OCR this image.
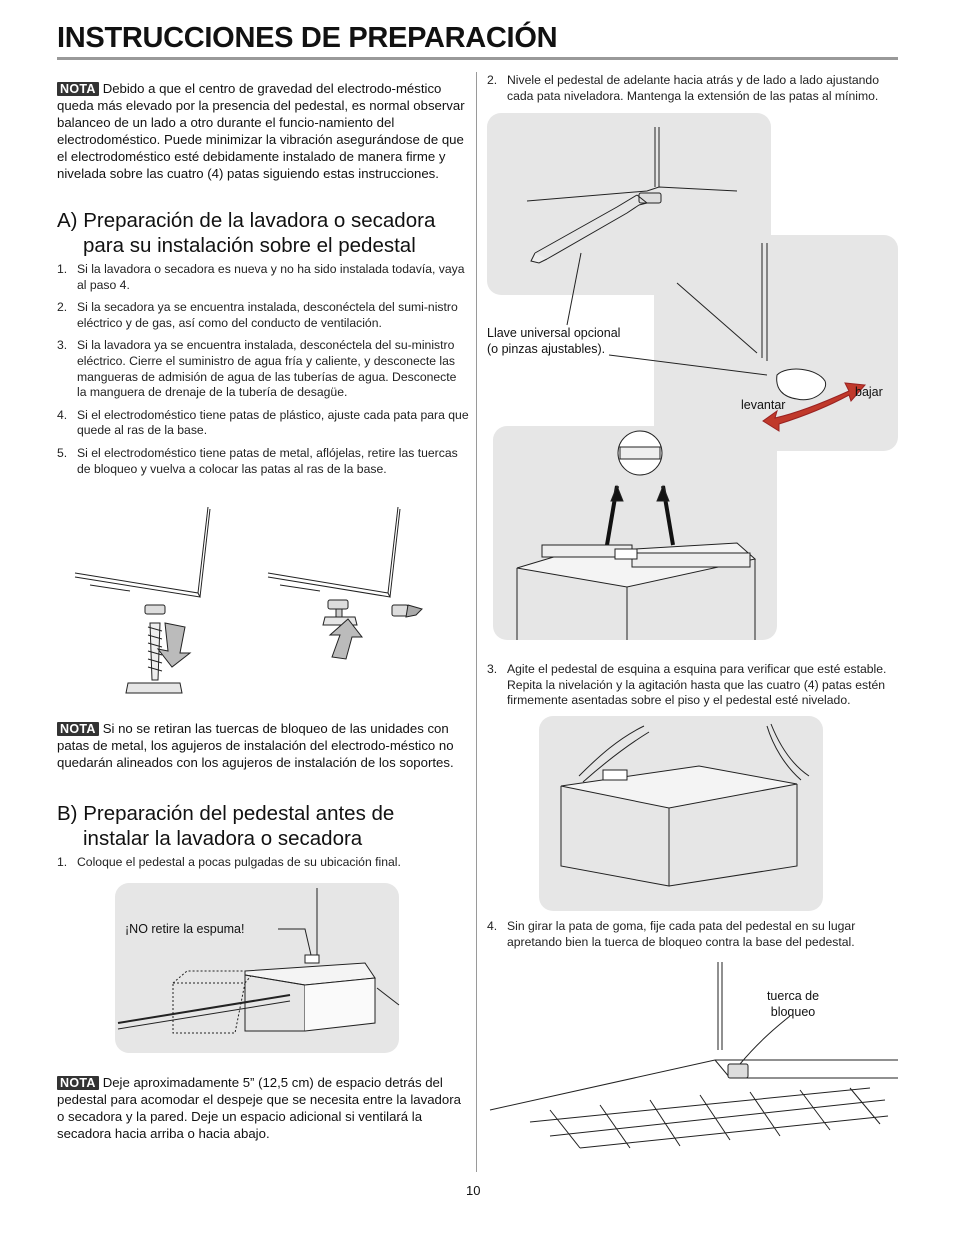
INSTRUCCIONES DE PREPARACIÓN
NOTA Debido a que el centro de gravedad del electrodo-méstico queda más elevado por la presencia del pedestal, es normal observar balanceo de un lado a otro durante el funcio-namiento del electrodoméstico. Puede minimizar la vibración asegurándose de que el electrodoméstico esté debidamente instalado de manera firme y nivelada sobre las cuatro (4) patas siguiendo estas instrucciones.
A) Preparación de la lavadora o secadora
para su instalación sobre el pedestal
1. Si la lavadora o secadora es nueva y no ha sido instalada todavía, vaya al paso 4.
2. Si la secadora ya se encuentra instalada, desconéctela del sumi-nistro eléctrico y de gas, así como del conducto de ventilación.
3. Si la lavadora ya se encuentra instalada, desconéctela del su-ministro eléctrico. Cierre el suministro de agua fría y caliente, y desconecte las mangueras de admisión de agua de las tuberías de agua. Desconecte la manguera de drenaje de la tubería de desagüe.
4. Si el electrodoméstico tiene patas de plástico, ajuste cada pata para que quede al ras de la base.
5. Si el electrodoméstico tiene patas de metal, aflójelas, retire las tuercas de bloqueo y vuelva a colocar las patas al ras de la base.
NOTA Si no se retiran las tuercas de bloqueo de las unidades con patas de metal, los agujeros de instalación del electrodo-méstico no quedarán alineados con los agujeros de instalación de los soportes.
B) Preparación del pedestal antes de
instalar la lavadora o secadora
1. Coloque el pedestal a pocas pulgadas de su ubicación final.
¡NO retire la espuma!
NOTA Deje aproximadamente 5” (12,5 cm) de espacio detrás del pedestal para acomodar el despeje que se necesita entre la lavadora o secadora y la pared. Deje un espacio adicional si ventilará la secadora hacia arriba o hacia abajo.
2. Nivele el pedestal de adelante hacia atrás y de lado a lado ajustando cada pata niveladora. Mantenga la extensión de las patas al mínimo.
Llave universal opcional
(o pinzas ajustables).
levantar
bajar
3. Agite el pedestal de esquina a esquina para verificar que esté estable. Repita la nivelación y la agitación hasta que las cuatro (4) patas estén firmemente asentadas sobre el piso y el pedestal esté nivelado.
4. Sin girar la pata de goma, fije cada pata del pedestal en su lugar apretando bien la tuerca de bloqueo contra la base del pedestal.
tuerca de
bloqueo
10
